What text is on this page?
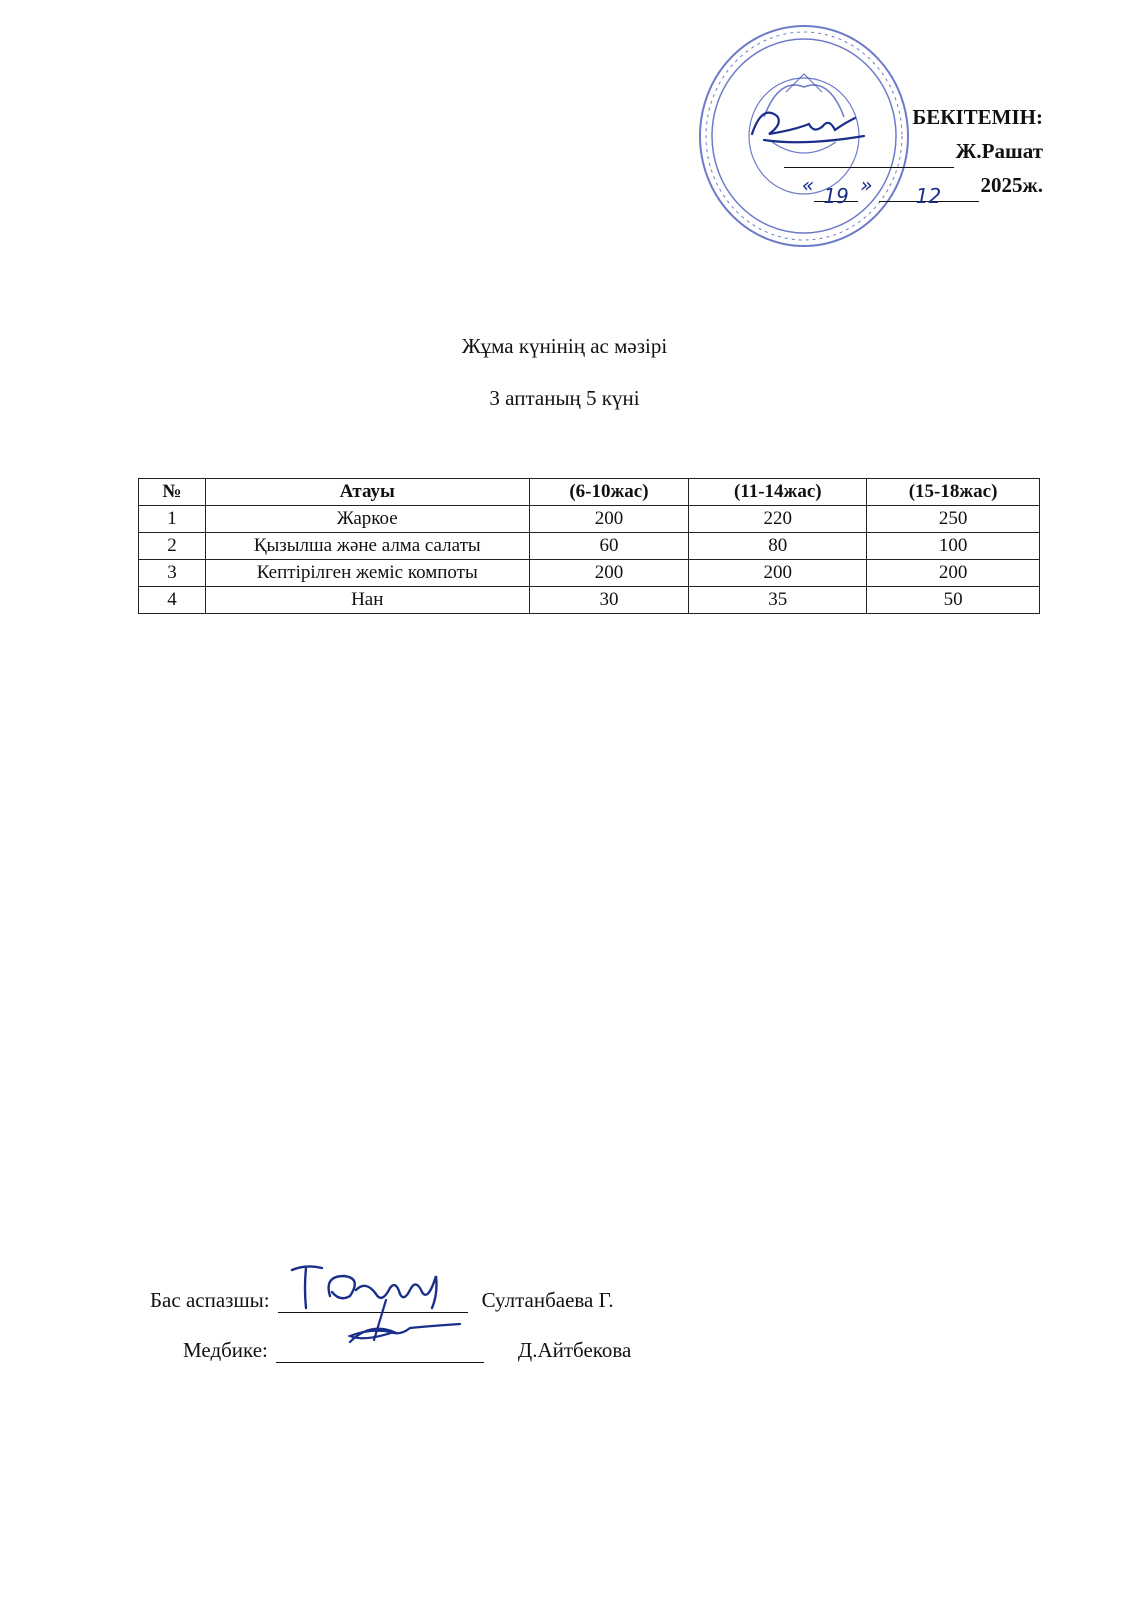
БЕКІТЕМІН:
Ж.Рашат
« 19 »	12	2025ж.
Жұма күнінің ас мәзірі
3 аптаның 5 күні
№	Атауы	(6-10жас)	(11-14жас)	(15-18жас)
1	Жаркое	200	220	250
2	Қызылша және алма салаты	60	80	100
3	Кептірілген жеміс компоты	200	200	200
4	Нан	30	35	50
Бас аспазшы:	Султанбаева Г.
Медбике:	Д.Айтбекова
